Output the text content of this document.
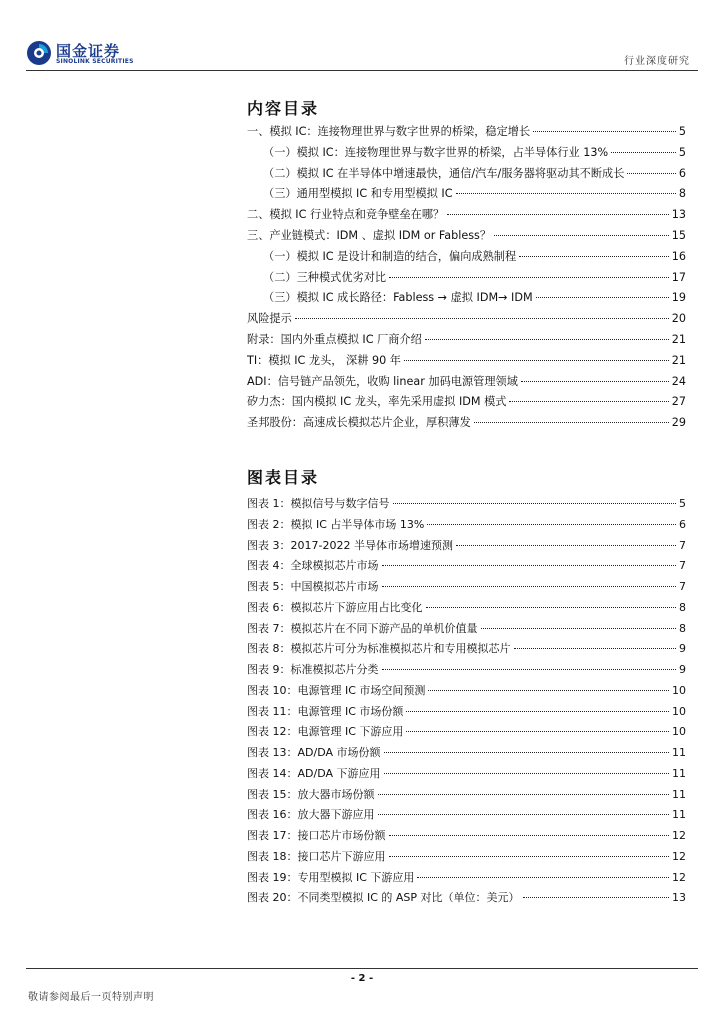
国金证券
SINOLINK SECURITIES	行业深度研究
内容目录
一、模拟 IC：连接物理世界与数字世界的桥梁，稳定增长	5
（一）模拟 IC：连接物理世界与数字世界的桥梁，占半导体行业 13%	5
（二）模拟 IC 在半导体中增速最快，通信/汽车/服务器将驱动其不断成长	6
（三）通用型模拟 IC 和专用型模拟 IC	8
二、模拟 IC 行业特点和竞争壁垒在哪？	13
三、产业链模式：IDM 、虚拟 IDM or Fabless？	15
（一）模拟 IC 是设计和制造的结合，偏向成熟制程	16
（二）三种模式优劣对比	17
（三）模拟 IC 成长路径：Fabless → 虚拟 IDM→ IDM	19
风险提示	20
附录：国内外重点模拟 IC 厂商介绍	21
TI：模拟 IC 龙头， 深耕 90 年	21
ADI：信号链产品领先，收购 linear 加码电源管理领域	24
矽力杰：国内模拟 IC 龙头，率先采用虚拟 IDM 模式	27
圣邦股份：高速成长模拟芯片企业，厚积薄发	29
图表目录
图表 1：模拟信号与数字信号	5
图表 2：模拟 IC 占半导体市场 13%	6
图表 3：2017-2022 半导体市场增速预测	7
图表 4：全球模拟芯片市场	7
图表 5：中国模拟芯片市场	7
图表 6：模拟芯片下游应用占比变化	8
图表 7：模拟芯片在不同下游产品的单机价值量	8
图表 8：模拟芯片可分为标准模拟芯片和专用模拟芯片	9
图表 9：标准模拟芯片分类	9
图表 10：电源管理 IC 市场空间预测	10
图表 11：电源管理 IC 市场份额	10
图表 12：电源管理 IC 下游应用	10
图表 13：AD/DA 市场份额	11
图表 14：AD/DA 下游应用	11
图表 15：放大器市场份额	11
图表 16：放大器下游应用	11
图表 17：接口芯片市场份额	12
图表 18：接口芯片下游应用	12
图表 19：专用型模拟 IC 下游应用	12
图表 20：不同类型模拟 IC 的 ASP 对比（单位：美元）	13
- 2 -
敬请参阅最后一页特别声明
